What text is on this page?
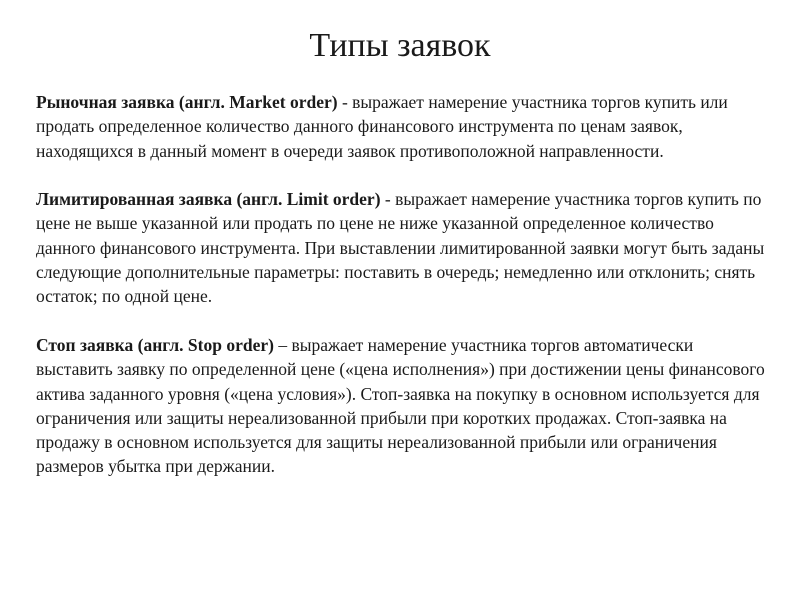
Типы заявок

Рыночная заявка (англ. Market order) - выражает намерение участника торгов купить или продать определенное количество данного финансового инструмента по ценам заявок, находящихся в данный момент в очереди заявок противоположной направленности.

Лимитированная заявка (англ. Limit order) - выражает намерение участника торгов купить по цене не выше указанной или продать по цене не ниже указанной определенное количество данного финансового инструмента. При выставлении лимитированной заявки могут быть заданы следующие дополнительные параметры: поставить в очередь; немедленно или отклонить; снять остаток; по одной цене.

Стоп заявка (англ. Stop order) – выражает намерение участника торгов автоматически выставить заявку по определенной цене («цена исполнения») при достижении цены финансового актива заданного уровня («цена условия»). Стоп-заявка на покупку в основном используется для ограничения или защиты нереализованной прибыли при коротких продажах. Стоп-заявка на продажу в основном используется для защиты нереализованной прибыли или ограничения размеров убытка при держании.
